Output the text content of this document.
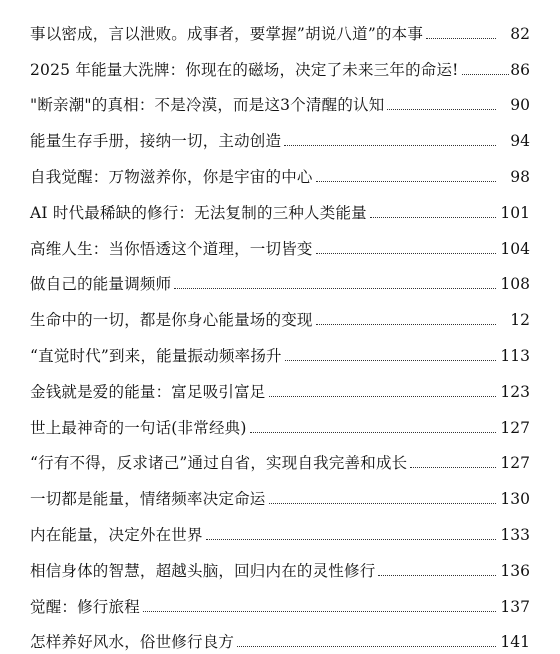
事以密成，言以泄败。成事者，要掌握”胡说八道”的本事	82
2025 年能量大洗牌：你现在的磁场，决定了未来三年的命运!	86
"断亲潮"的真相：不是冷漠，而是这3个清醒的认知	90
能量生存手册，接纳一切，主动创造	94
自我觉醒：万物滋养你，你是宇宙的中心	98
AI 时代最稀缺的修行：无法复制的三种人类能量	101
高维人生：当你悟透这个道理，一切皆变	104
做自己的能量调频师	108
生命中的一切，都是你身心能量场的变现	12
“直觉时代”到来，能量振动频率扬升	113
金钱就是爱的能量：富足吸引富足	123
世上最神奇的一句话(非常经典)	127
“行有不得，反求诸己”通过自省，实现自我完善和成长	127
一切都是能量，情绪频率决定命运	130
内在能量，决定外在世界	133
相信身体的智慧，超越头脑，回归内在的灵性修行	136
觉醒：修行旅程	137
怎样养好风水，俗世修行良方	141
